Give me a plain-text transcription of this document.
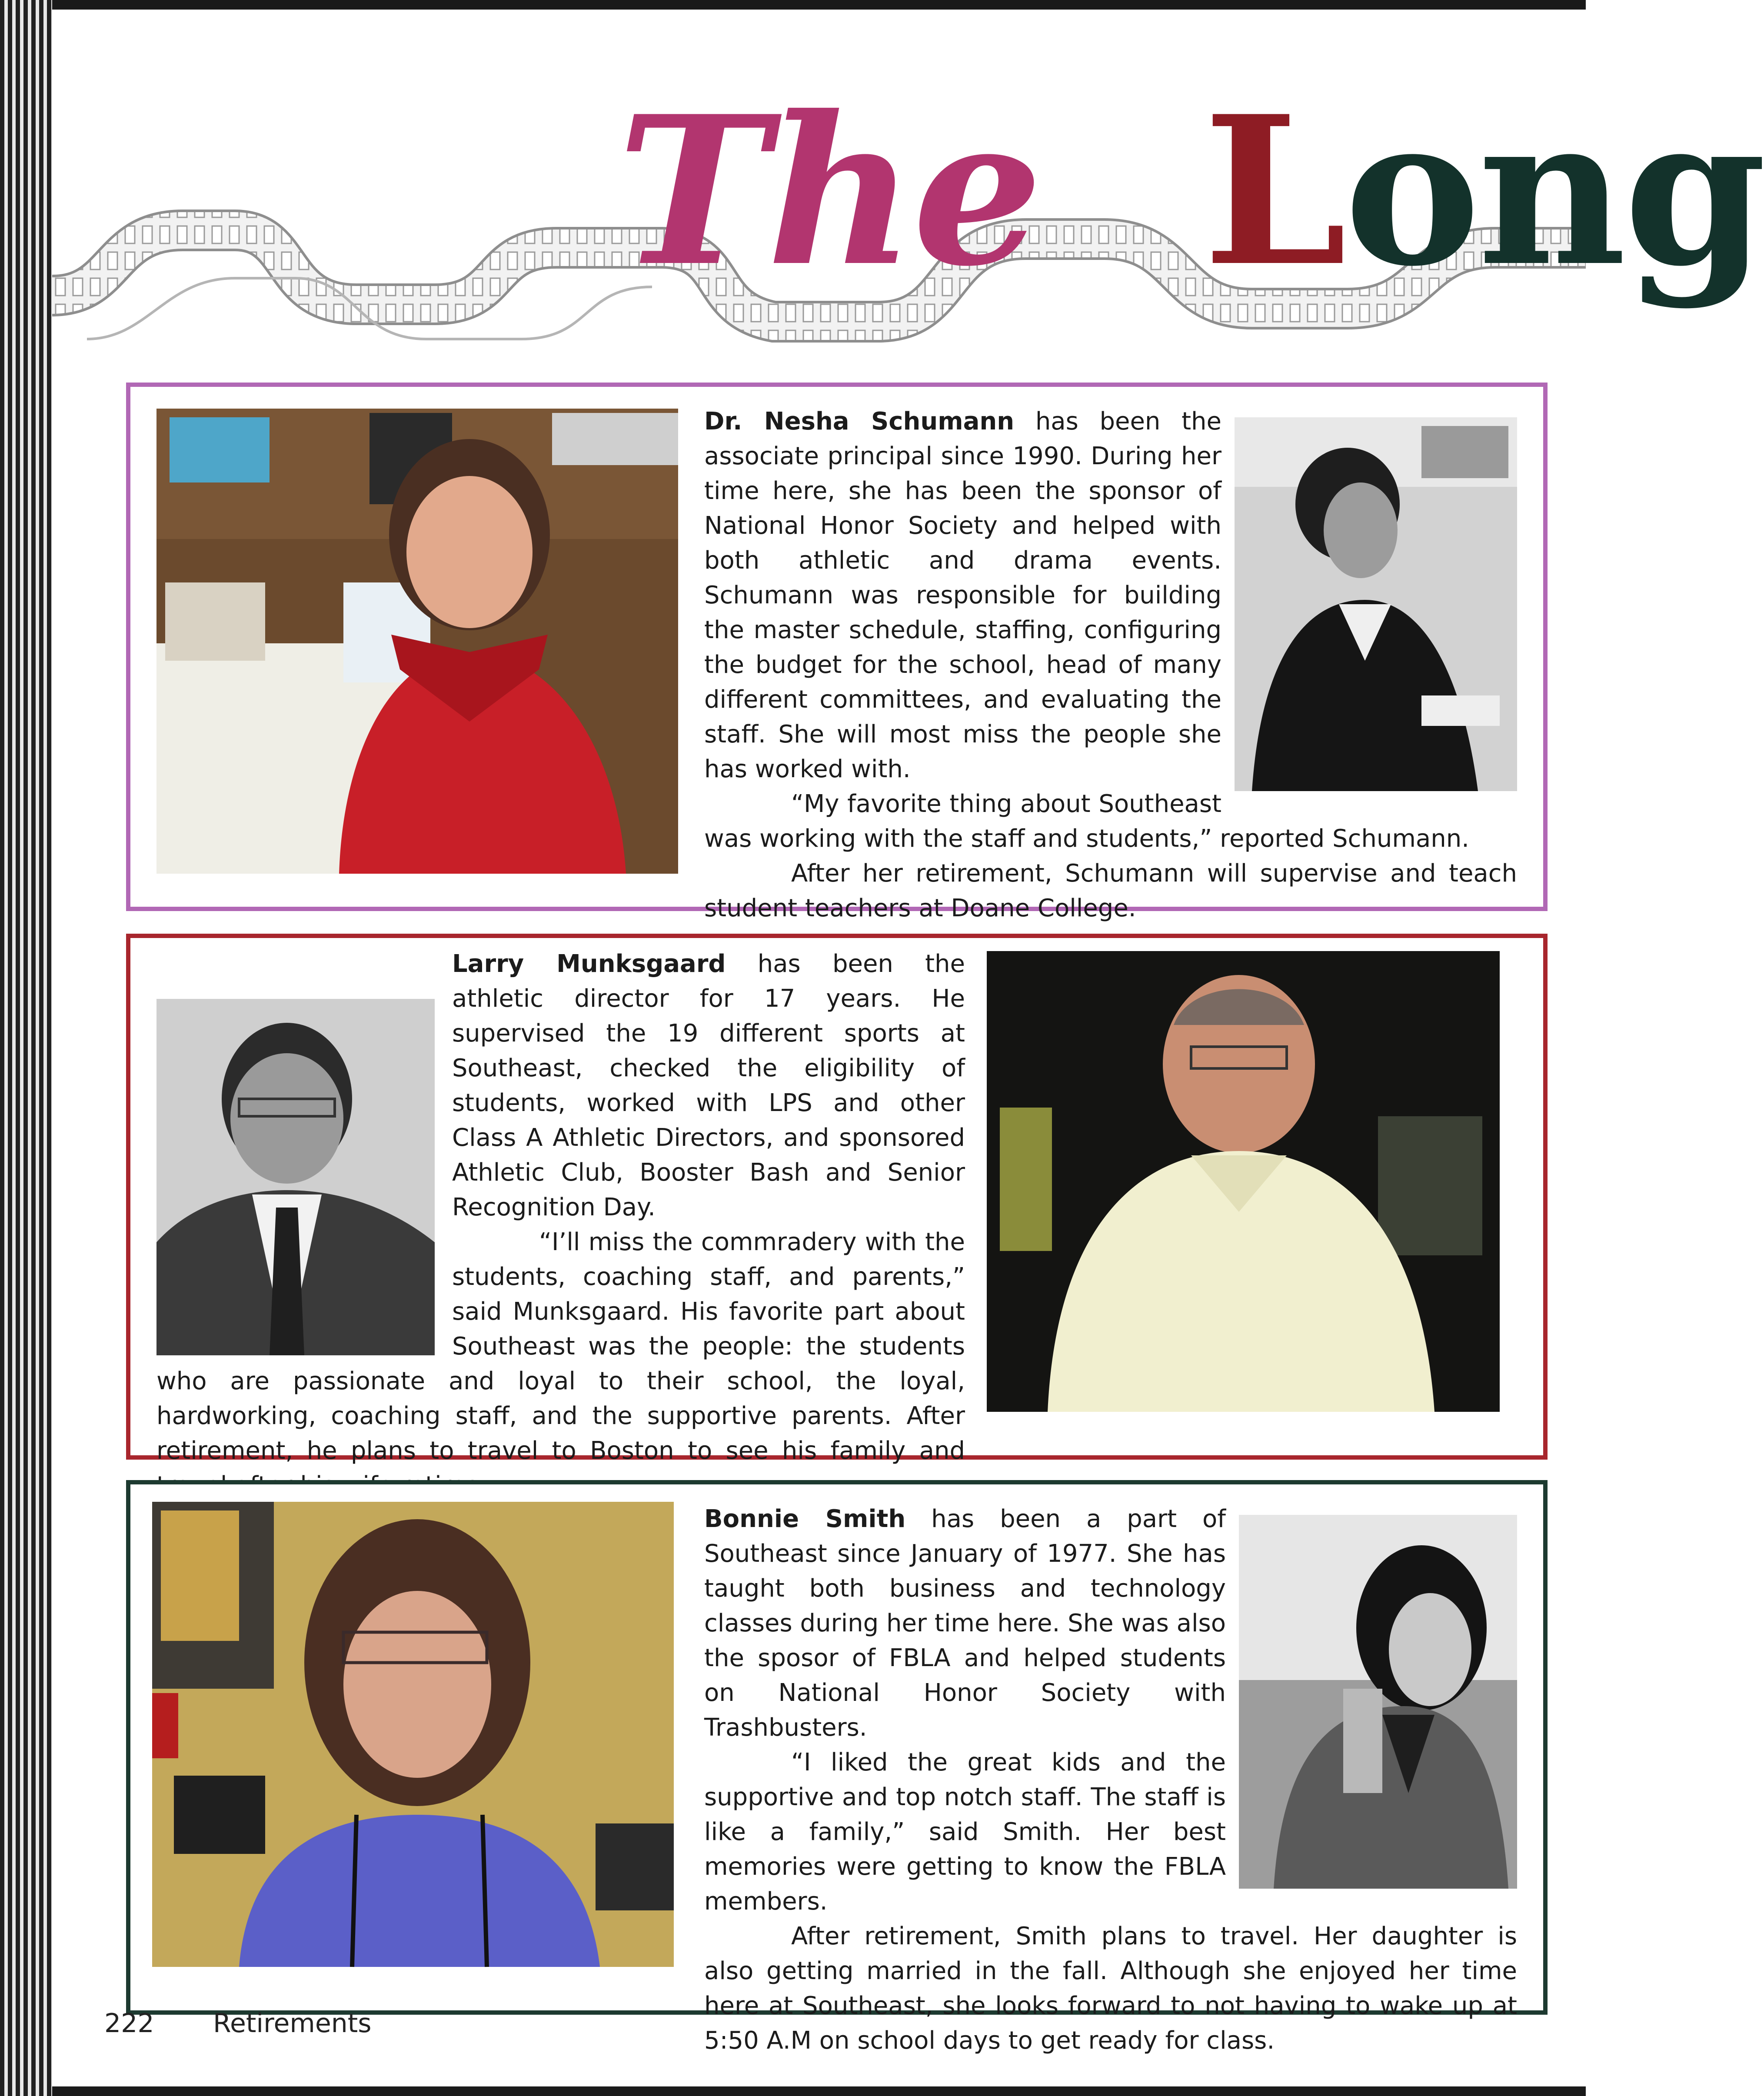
The Long

Dr. Nesha Schumann has been the associate principal since 1990. During her time here, she has been the sponsor of National Honor Society and helped with both athletic and drama events. Schumann was responsible for building the master schedule, staffing, configuring the budget for the school, head of many different committees, and evaluating the staff. She will most miss the people she has worked with.

“My favorite thing about Southeast was working with the staff and students,” reported Schumann.

After her retirement, Schumann will supervise and teach student teachers at Doane College.

Larry Munksgaard has been the athletic director for 17 years. He supervised the 19 different sports at Southeast, checked the eligibility of students, worked with LPS and other Class A Athletic Directors, and sponsored Athletic Club, Booster Bash and Senior Recognition Day.

“I’ll miss the commradery with the students, coaching staff, and parents,” said Munksgaard. His favorite part about Southeast was the people: the students who are passionate and loyal to their school, the loyal, hardworking, coaching staff, and the supportive parents. After retirement, he plans to travel to Boston to see his family and

Bonnie Smith has been a part of Southeast since January of 1977. She has taught both business and technology classes during her time here. She was also the sposor of FBLA and helped students on National Honor Society with Trashbusters.

“I liked the great kids and the supportive and top notch staff. The staff is like a family,” said Smith. Her best memories were getting to know the FBLA members.

After retirement, Smith plans to travel. Her daughter is also getting married in the fall. Although she enjoyed her time here at Southeast, she looks forward to not having to wake up at 5:50 A.M on school days to get ready for class.

222 Retirements
